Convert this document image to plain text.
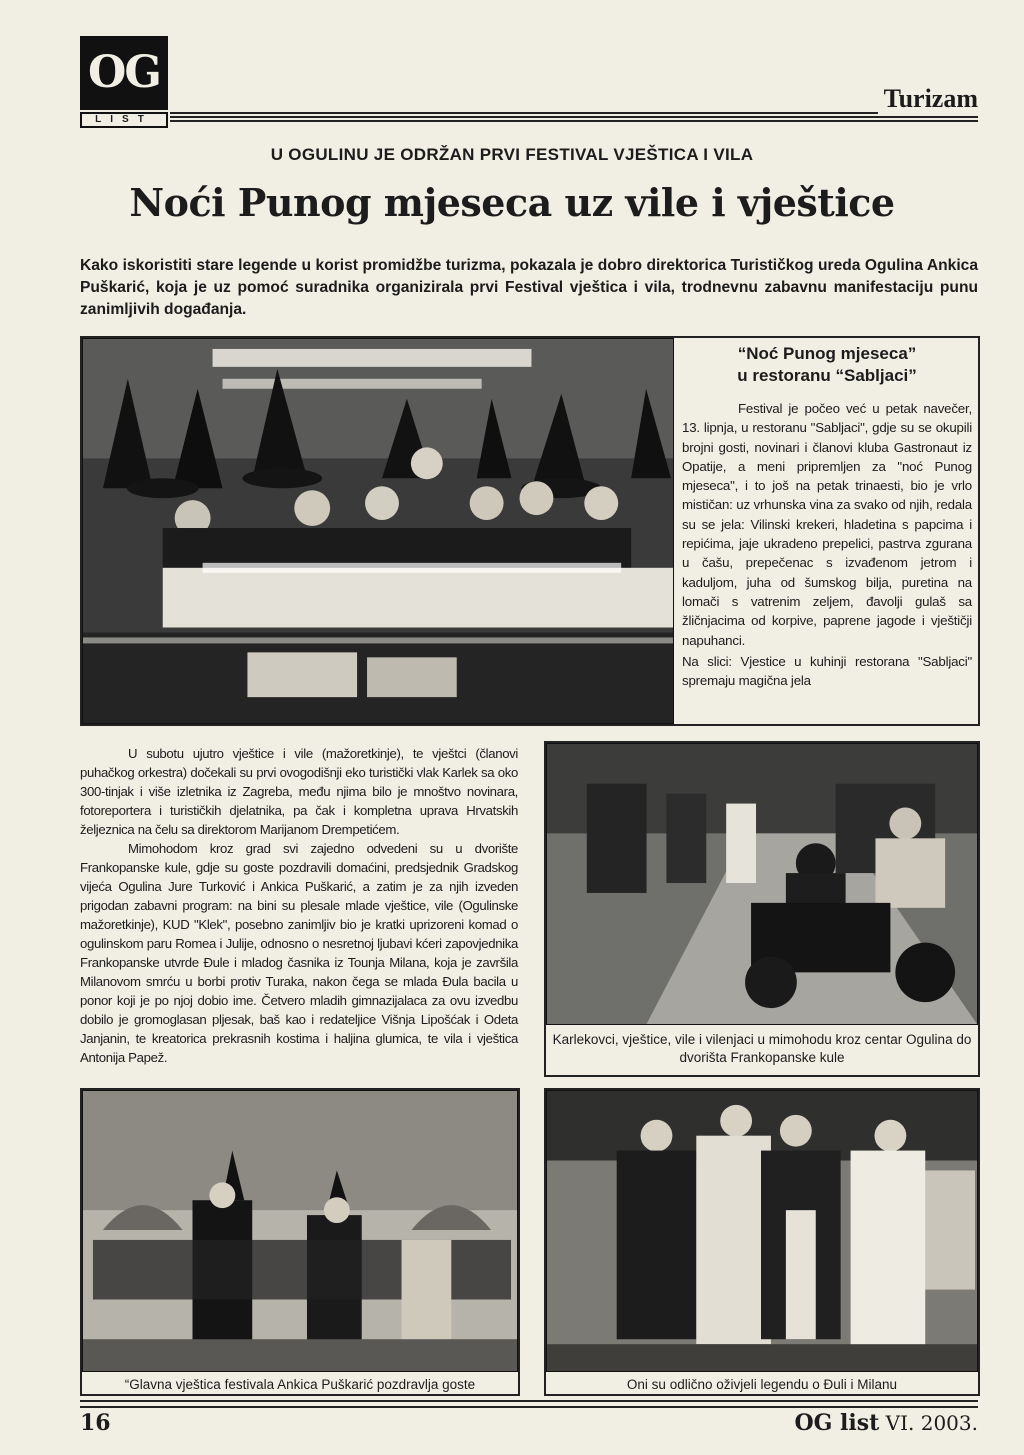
OG
LIST
Turizam
U OGULINU JE ODRŽAN PRVI FESTIVAL VJEŠTICA I VILA
Noći Punog mjeseca uz vile i vještice
Kako iskoristiti stare legende u korist promidžbe turizma, pokazala je dobro direktorica Turističkog ureda Ogulina Ankica Puškarić, koja je uz pomoć suradnika organizirala prvi Festival vještica i vila, trodnevnu zabavnu manifestaciju punu zanimljivih događanja.
“Noć Punog mjeseca”
u restoranu “Sabljaci”

Festival je počeo već u petak navečer, 13. lipnja, u restoranu "Sabljaci", gdje su se okupili brojni gosti, novinari i članovi kluba Gastronaut iz Opatije, a meni pripremljen za "noć Punog mjeseca", i to još na petak trinaesti, bio je vrlo mističan: uz vrhunska vina za svako od njih, redala su se jela: Vilinski krekeri, hladetina s papcima i repićima, jaje ukradeno prepelici, pastrva zgurana u čašu, prepečenac s izvađenom jetrom i kaduljom, juha od šumskog bilja, puretina na lomači s vatrenim zeljem, đavolji gulaš sa žličnjacima od korpive, paprene jagode i vještičji napuhanci.

Na slici: Vjestice u kuhinji restorana "Sabljaci" spremaju magična jela

U subotu ujutro vještice i vile (mažoretkinje), te vještci (članovi puhačkog orkestra) dočekali su prvi ovogodišnji eko turistički vlak Karlek sa oko 300-tinjak i više izletnika iz Zagreba, među njima bilo je mnoštvo novinara, fotoreportera i turističkih djelatnika, pa čak i kompletna uprava Hrvatskih željeznica na čelu sa direktorom Marijanom Drempetićem.

Mimohodom kroz grad svi zajedno odvedeni su u dvorište Frankopanske kule, gdje su goste pozdravili domaćini, predsjednik Gradskog vijeća Ogulina Jure Turković i Ankica Puškarić, a zatim je za njih izveden prigodan zabavni program: na bini su plesale mlade vještice, vile (Ogulinske mažoretkinje), KUD "Klek", posebno zanimljiv bio je kratki uprizoreni komad o ogulinskom paru Romea i Julije, odnosno o nesretnoj ljubavi kćeri zapovjednika Frankopanske utvrde Đule i mladog časnika iz Tounja Milana, koja je završila Milanovom smrću u borbi protiv Turaka, nakon čega se mlada Đula bacila u ponor koji je po njoj dobio ime. Četvero mladih gimnazijalaca za ovu izvedbu dobilo je gromoglasan pljesak, baš kao i redateljice Višnja Lipošćak i Odeta Janjanin, te kreatorica prekrasnih kostima i haljina glumica, te vila i vještica Antonija Papež.

Karlekovci, vještice, vile i vilenjaci u mimohodu kroz centar Ogulina do dvorišta Frankopanske kule
“Glavna vještica festivala Ankica Puškarić pozdravlja goste	Oni su odlično oživjeli legendu o Đuli i Milanu
16	OG list VI. 2003.
